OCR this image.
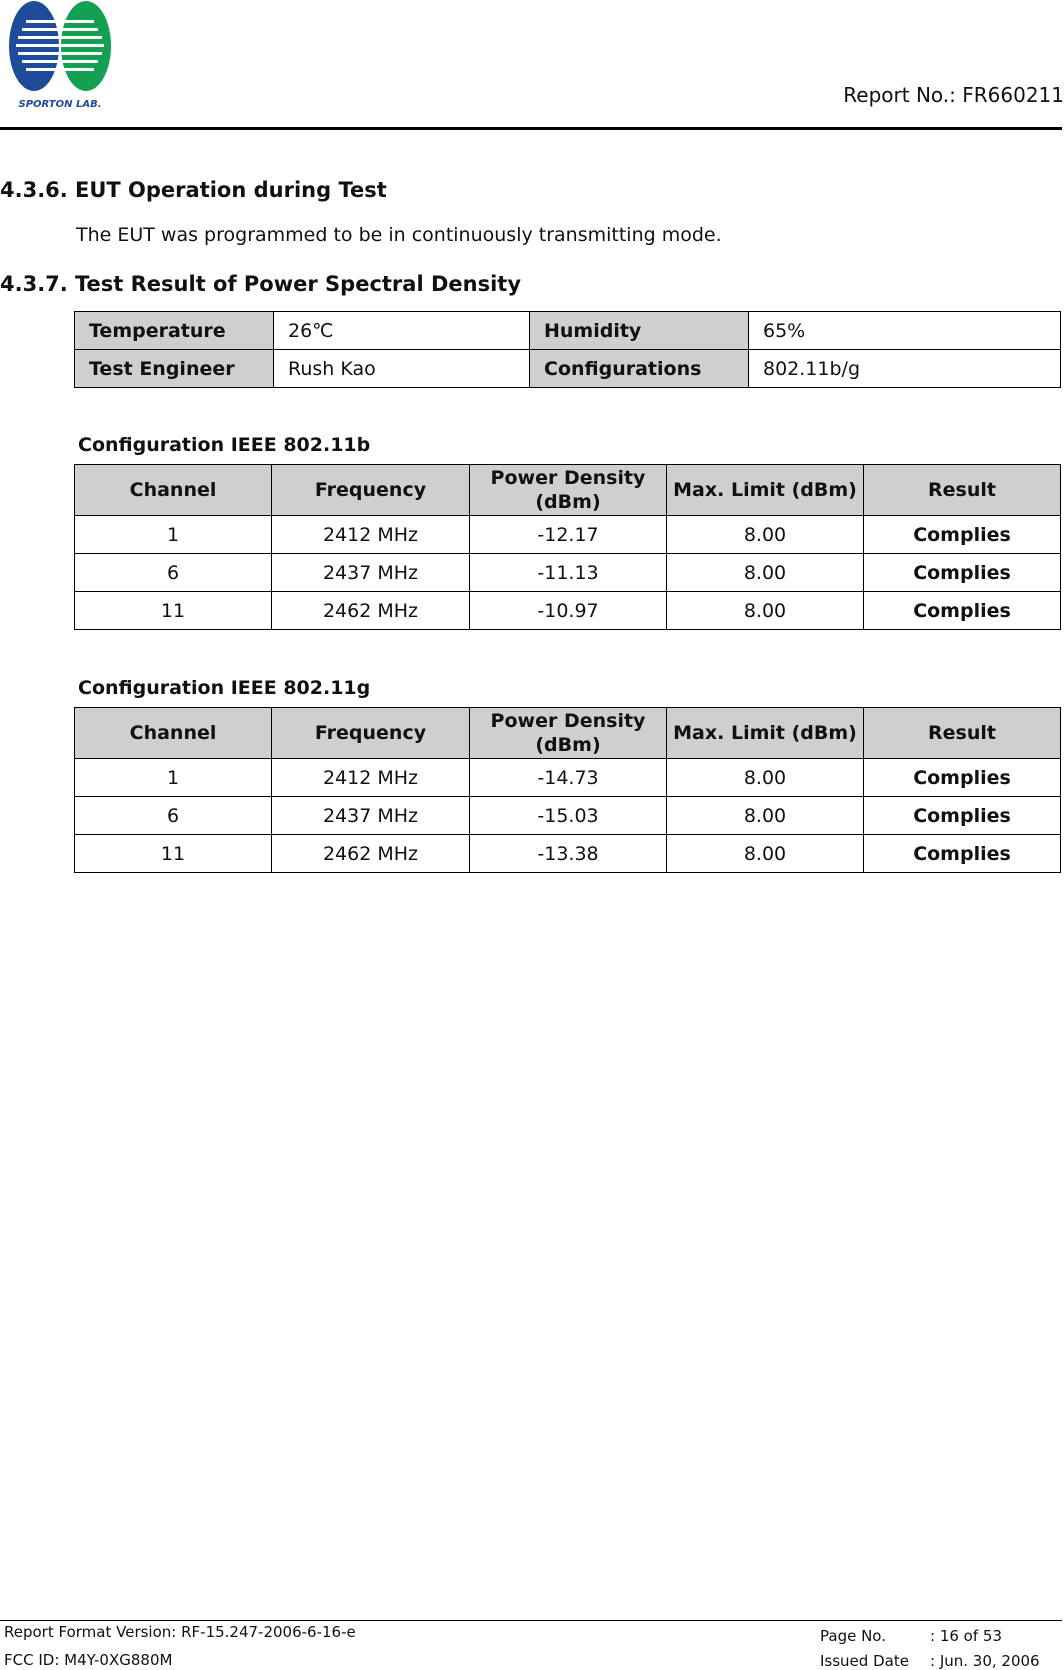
SPORTON LAB.	Report No.: FR660211
4.3.6. EUT Operation during Test
The EUT was programmed to be in continuously transmitting mode.
4.3.7. Test Result of Power Spectral Density
Temperature	26℃	Humidity	65%
Test Engineer	Rush Kao	Configurations	802.11b/g
Configuration IEEE 802.11b
Channel	Frequency	Power Density (dBm)	Max. Limit (dBm)	Result
1	2412 MHz	-12.17	8.00	Complies
6	2437 MHz	-11.13	8.00	Complies
11	2462 MHz	-10.97	8.00	Complies
Configuration IEEE 802.11g
Channel	Frequency	Power Density (dBm)	Max. Limit (dBm)	Result
1	2412 MHz	-14.73	8.00	Complies
6	2437 MHz	-15.03	8.00	Complies
11	2462 MHz	-13.38	8.00	Complies
Report Format Version: RF-15.247-2006-6-16-e
FCC ID: M4Y-0XG880M
Page No.	: 16 of 53
Issued Date : Jun. 30, 2006
